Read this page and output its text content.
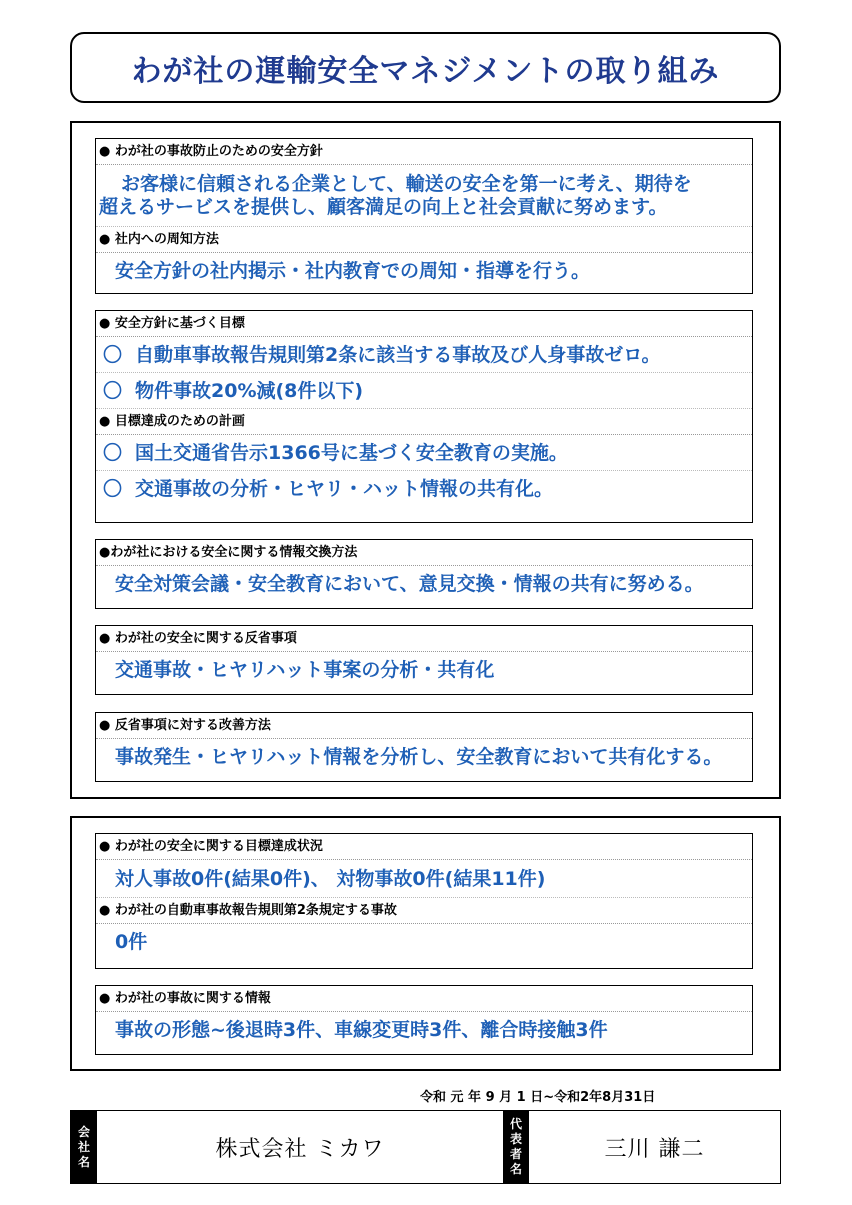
わが社の運輸安全マネジメントの取り組み
● わが社の事故防止のための安全方針
お客様に信頼される企業として、輸送の安全を第一に考え、期待を
超えるサービスを提供し、顧客満足の向上と社会貢献に努めます。
● 社内への周知方法
安全方針の社内掲示・社内教育での周知・指導を行う。
● 安全方針に基づく目標
〇 自動車事故報告規則第2条に該当する事故及び人身事故ゼロ。
〇 物件事故20%減(8件以下)
● 目標達成のための計画
〇 国土交通省告示1366号に基づく安全教育の実施。
〇 交通事故の分析・ヒヤリ・ハット情報の共有化。
●わが社における安全に関する情報交換方法
安全対策会議・安全教育において、意見交換・情報の共有に努める。
● わが社の安全に関する反省事項
交通事故・ヒヤリハット事案の分析・共有化
● 反省事項に対する改善方法
事故発生・ヒヤリハット情報を分析し、安全教育において共有化する。
● わが社の安全に関する目標達成状況
対人事故0件(結果0件)、 対物事故0件(結果11件)
● わが社の自動車事故報告規則第2条規定する事故
0件
● わが社の事故に関する情報
事故の形態~後退時3件、車線変更時3件、離合時接触3件
令和 元 年 9 月 1 日~令和2年8月31日
会
社
名	株式会社 ミカワ
代
表
者
名
三川 謙二
